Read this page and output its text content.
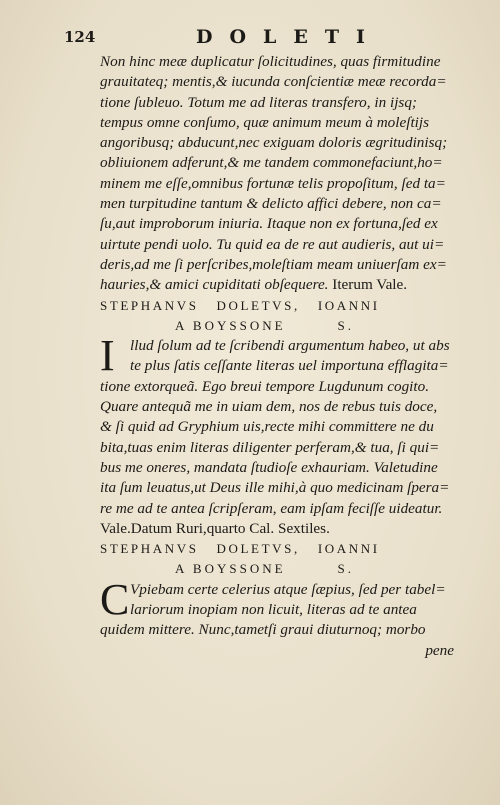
124	DOLETI
Non hinc meæ duplicatur ſolicitudines, quas firmitudine
grauitateq; mentis,& iucunda conſcientiæ meæ recorda=
tione ſubleuo. Totum me ad literas transfero, in ijsq;
tempus omne conſumo, quæ animum meum à moleſtijs
angoribusq; abducunt,nec exiguam doloris ægritudinisq;
obliuionem adferunt,& me tandem commonefaciunt,ho=
minem me eſſe,omnibus fortunæ telis propoſitum, ſed ta=
men turpitudine tantum & delicto affici debere, non ca=
ſu,aut improborum iniuria. Itaque non ex fortuna,ſed ex
uirtute pendi uolo. Tu quid ea de re aut audieris, aut ui=
deris,ad me ſi perſcribes,moleſtiam meam uniuerſam ex=
hauries,& amici cupiditati obſequere. Iterum Vale.
STEPHANVS DOLETVS, IOANNI
A BOYSSONE	S.
I	llud ſolum ad te ſcribendi argumentum habeo, ut abs
te plus ſatis ceſſante literas uel importuna efflagita=
tione extorqueã. Ego breui tempore Lugdunum cogito.
Quare antequã me in uiam dem, nos de rebus tuis doce,
& ſi quid ad Gryphium uis,recte mihi committere ne du
bita,tuas enim literas diligenter perferam,& tua, ſi qui=
bus me oneres, mandata ſtudioſe exhauriam. Valetudine
ita ſum leuatus,ut Deus ille mihi,à quo medicinam ſpera=
re me ad te antea ſcripſeram, eam ipſam feciſſe uideatur.
Vale.Datum Ruri,quarto Cal. Sextiles.
STEPHANVS DOLETVS, IOANNI
A BOYSSONE	S.
C Vpiebam certe celerius atque ſæpius, ſed per tabel=
lariorum inopiam non licuit, literas ad te antea
quidem mittere. Nunc,tametſi graui diuturnoq; morbo
pene
